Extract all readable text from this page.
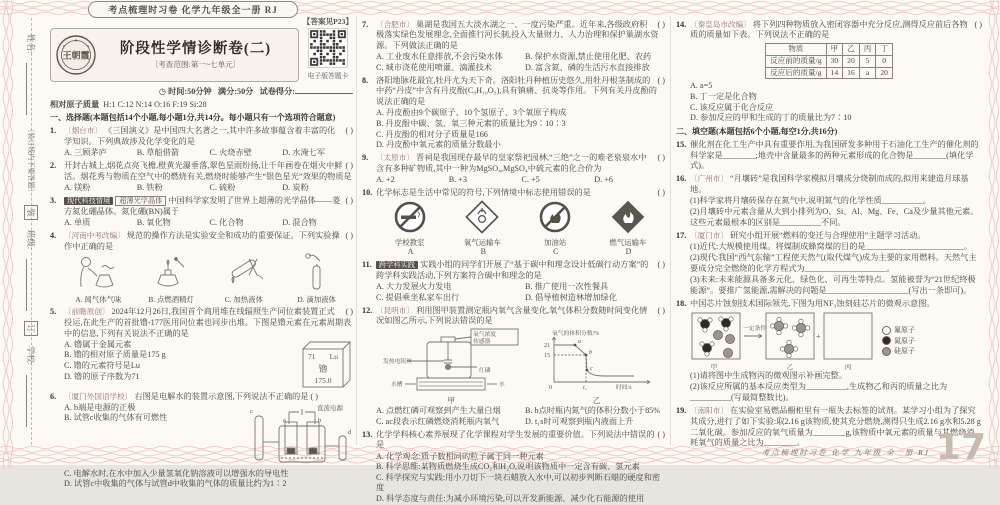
考点梳理时习卷 化学九年级全一册 RJ
姓名:
〔装订线内不要答题〕
装
班级:
订
学校:
【答案见P23】
王朝霞	阶段性学情诊断卷(二)
〔考查范围:第一~七单元〕
电子版答题卡
◷ 时间:50分钟 满分:50分 试卷得分:
相对原子质量 H:1 C:12 N:14 O:16 F:19 Si:28
一、选择题(本题包括14个小题,每小题1分,共14分。每小题只有一个选项符合题意)
1.	( )
〔烟台市〕 《三国演义》是中国四大名著之一,其中许多故事蕴含着丰富的化学知识。下列典故涉及化学变化的是
A. 三顾茅庐	B. 草船借箭	C. 火烧赤壁	D. 水淹七军
2.	( )
开封古城上,烟花点亮飞檐,橙黄光瀑垂落,翠色星雨纷扬,让千年画卷在烟火中鲜活。烟花秀与物质在空气中的燃烧有关,燃烧时能够产生“银色星光”效果的物质是
A. 镁粉	B. 铁粉	C. 硫粉	D. 炭粉
3.	( )
现代科技情境 超薄光学晶体 中国科学家发明了世界上超薄的光学晶体——菱方氮化硼晶体。氮化硼(BN)属于
A. 单质	B. 氧化物	C. 化合物	D. 混合物
4.	( )
〔河南中考改编〕 规范的操作方法是实验安全和成功的重要保证。下列实验操作中正确的是
A. 闻气体气味	B. 点燃酒精灯	C. 加热液体	D. 滴加液体
5.	( )
〔前瞻原创〕 2024年12月26日,我国首个商用堆在线辐照生产同位素装置正式投运,在此生产的首批镥-177医用同位素也同步出堆。下图是镥元素在元素周期表中的信息,下列有关说法不正确的是
A. 镥属于金属元素
B. 镥的相对原子质量是175 g
C. 镥的元素符号是Lu
D. 镥的原子序数为71
71 Lu
镥
175.0
6. 〔厦门外国语学校〕 右图是电解水的装置示意图,下列说法不正确的是 ( )
A. b端是电源的正极
B. 试管c收集的气体有可燃性
直流电源
a	b
c
d
C. 电解水时,在水中加入少量氢氧化钠溶液可以增强水的导电性
D. 试管c中收集的气体与试管d中收集的气体的质量比约为1∶2
7.	( )
〔合肥市〕 巢湖是我国五大淡水湖之一、一度污染严重。近年来,各级政府积极落实绿色发展理念,全面推行河长制,投入大量财力、人力治理和保护巢湖水资源。下列做法正确的是
A. 工业废水任意排放,不会污染水体	B. 保护水资源,禁止使用化肥、农药
C. 城市浇花使用喷灌、滴灌技术	D. 富含氮、磷的生活污水直接排放
8.	( )
洛阳地脉花最宜,牡丹尤为天下奇。洛阳牡丹种植历史悠久,用牡丹根茎制成的中药“丹皮”中含有丹皮酚(C₉H₁₀O₃),具有镇痛、抗炎等作用。下列有关丹皮酚的说法正确的是
A. 丹皮酚由9个碳原子、10个氢原子、3个氧原子构成
B. 丹皮酚中碳、氢、氧三种元素的质量比为9∶10∶3
C. 丹皮酚的相对分子质量是166
D. 丹皮酚中氧元素的质量分数最小
9.	( )
〔太原市〕 晋祠是我国现存最早的皇家祭祀园林,“三绝”之一的难老泉泉水中含有多种矿物质,其中一种为MgSO₄,MgSO₄中硫元素的化合价为
A. +2	B. +3	C. +5	D. +6
10.	( )
化学标志是生活中常见的符号,下列情境中标志使用错误的是
学校教室	氧气运输车	加油站	燃气运输车
A	B	C	D
11.	( )
跨学科实践 实践小组的同学们开展了“基于碳中和理念设计低碳行动方案”的跨学科实践活动,下列方案符合碳中和理念的是
A. 大力发展火力发电	B. 推广使用一次性餐具
C. 提倡乘坐私家车出行	D. 倡导植树造林增加绿化
12.	( )
〔昆明市〕 利用图甲装置测定瓶内氧气含量变化,氧气体积分数随时间变化情况如图乙所示,下列说法错误的是
氧气浓度
传感器
发热电阻丝
红磷
水槽	水
甲
氧气的体积分数/%
a
b
c
21
15
0	t₁	时间/s
乙
A. 点燃红磷可观察到产生大量白烟	B. b点时瓶内氮气的体积分数小于85%
C. ac段表示红磷燃烧消耗瓶内氧气	D. t₁s时可观察到瓶内液面上升
13.	( )
化学学科核心素养展现了化学课程对学生发展的重要价值。下列说法中错误的是
A. 化学观念:质子数相同的粒子属于同一种元素
B. 科学思维:某物质燃烧生成CO₂和H₂O,说明该物质中一定含有碳、氢元素
C. 科学探究与实践:用小刀切下一块石蜡放入水中,可以初步判断石蜡的硬度和密度
D. 科学态度与责任:为减小环境污染,可以开发新能源、减少化石能源的使用
14.	( )
〔秦皇岛市改编〕 将下列四种物质放入密闭容器中充分反应,测得反应前后各物质的质量如下表。下列说法不正确的是
物质	甲	乙	丙	丁
反应前的质量/g	30	20	5	0
反应后的质量/g	14	16	a	20
A. a=5
B. 丁一定是化合物
C. 该反应属于化合反应
D. 参加反应的甲和生成的丁的质量比为7∶10
二、填空题(本题包括6个小题,每空1分,共16分)
15. 催化剂在化工生产中具有重要作用,为我国研发多种用于石油化工生产的催化剂的科学家是________;地壳中含量最多的两种元素形成的化合物是________(填化学式)。
16. 〔广州市〕 “月壤砖”是我国科学家模拟月壤成分烧制而成的,拟用来建造月球基地。
(1)科学家将月壤砖保存在氮气中,说明氮气的化学性质__________。
(2)月壤砖中元素含量从大到小排列为O、Si、Al、Mg、Fe、Ca及少量其他元素。这些元素最根本的区别是__________不同。
17. 〔厦门市〕 研究小组开展“燃料的变迁与合理使用”主题学习活动。
(1)近代:大规模使用煤。将煤制成蜂窝煤的目的是________________________。
(2)现代:我国“西气东输”工程使天然气(取代煤气)成为主要的家用燃料。天然气主要成分完全燃烧的化学方程式为____________________。
(3)未来:未来能源具备多元化、绿色化、可再生等特点。氢能被誉为“21世纪终极能源”。要推广氢能源,需解决的问题是____________________(写出一条即可)。
18. 中国芯片蚀刻技术国际领先,下图为用NF₃蚀刻硅芯片的微观示意图。
一定条件
+
甲	乙	丙
氟原子
氮原子
硅原子
(1)请将图中生成物丙的微观图示补画完整。
(2)该反应所属的基本反应类型为__________,生成物乙和丙的质量之比为__________(写最简整数比)。
19. 〔南阳市〕 在实验室易燃品橱柜里有一瓶失去标签的试剂。某学习小组为了探究其成分,进行了如下实验:取2.16 g该物质,使其充分燃烧,测得只生成2.16 g水和5.28 g二氧化碳。参加反应的氧气质量为________g,该物质中氧元素的质量与其燃烧消耗氧气的质量之比为________。
考点梳理时习卷 化学 九年级 全一册 RJ 17
